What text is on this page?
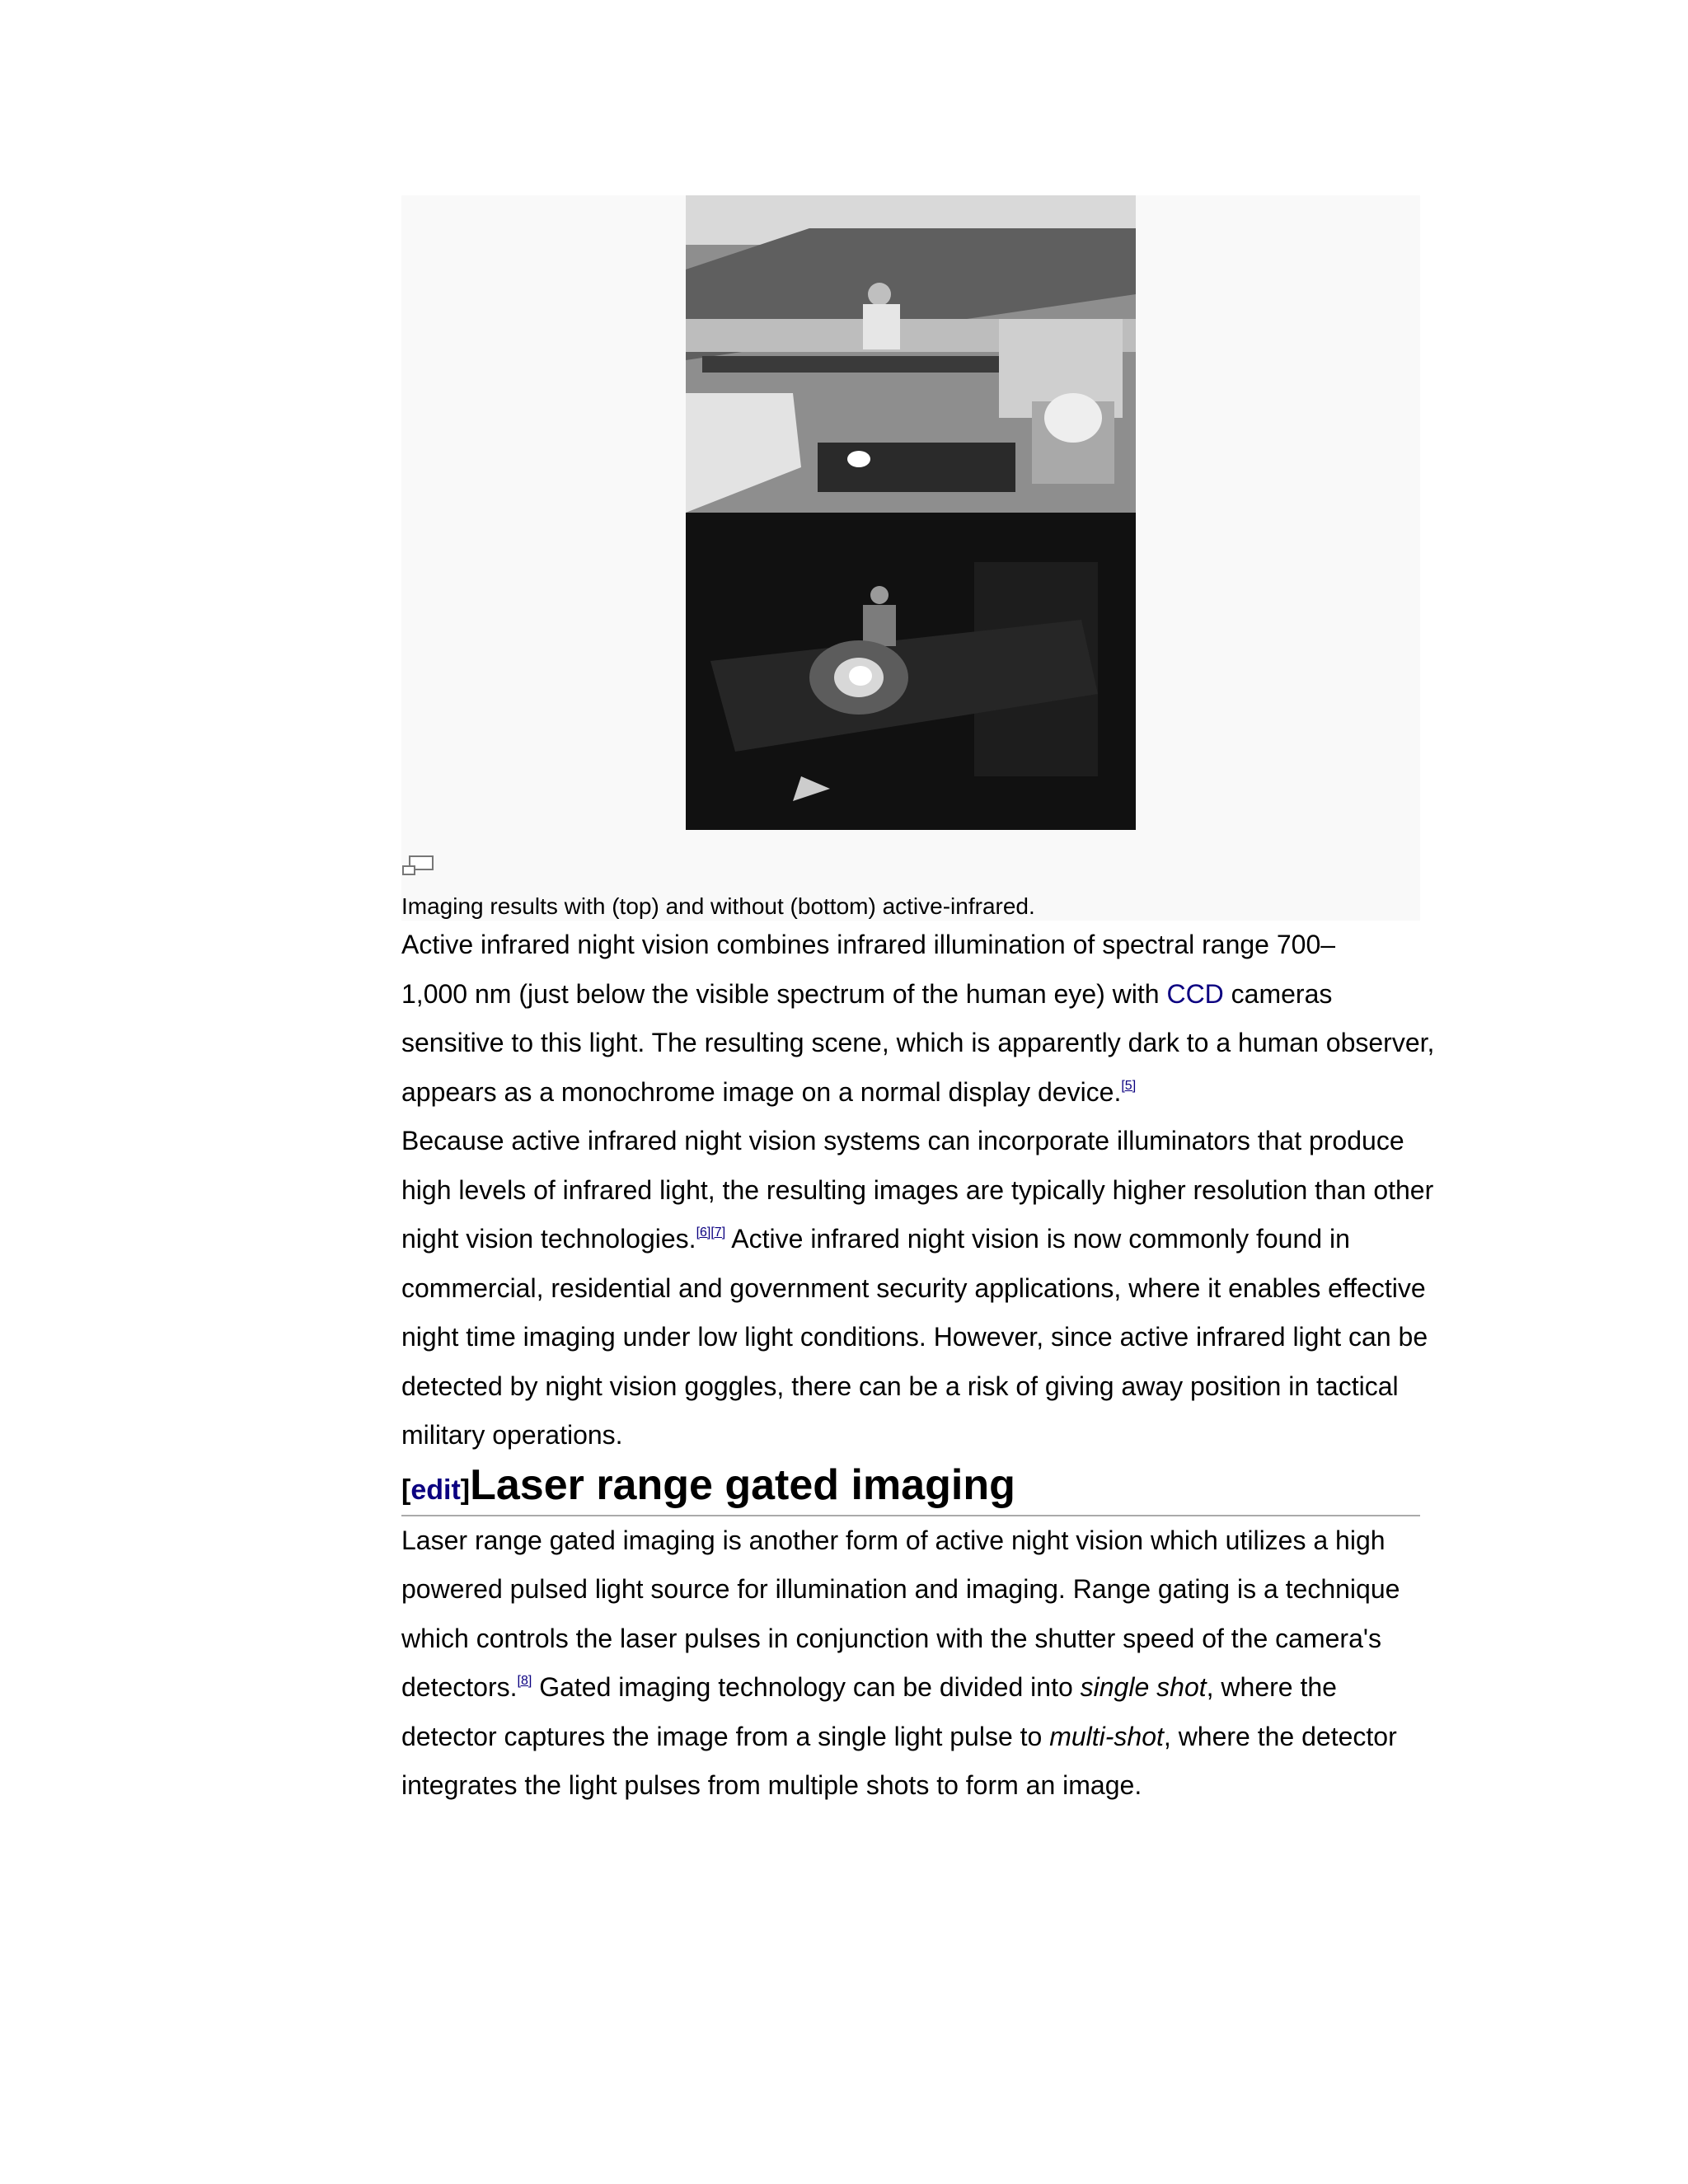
Imaging results with (top) and without (bottom) active-infrared.

Active infrared night vision combines infrared illumination of spectral range 700–
1,000 nm (just below the visible spectrum of the human eye) with CCD cameras
sensitive to this light. The resulting scene, which is apparently dark to a human observer,
appears as a monochrome image on a normal display device.[5]

Because active infrared night vision systems can incorporate illuminators that produce
high levels of infrared light, the resulting images are typically higher resolution than other
night vision technologies.[6][7] Active infrared night vision is now commonly found in
commercial, residential and government security applications, where it enables effective
night time imaging under low light conditions. However, since active infrared light can be
detected by night vision goggles, there can be a risk of giving away position in tactical
military operations.

[edit]Laser range gated imaging

Laser range gated imaging is another form of active night vision which utilizes a high
powered pulsed light source for illumination and imaging. Range gating is a technique
which controls the laser pulses in conjunction with the shutter speed of the camera's
detectors.[8] Gated imaging technology can be divided into single shot, where the
detector captures the image from a single light pulse to multi-shot, where the detector
integrates the light pulses from multiple shots to form an image.
